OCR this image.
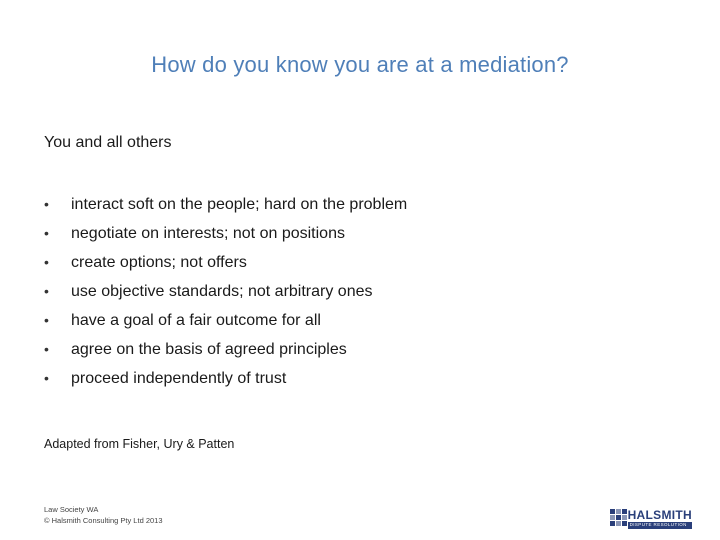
How do you know you are at a mediation?
You and all others
•	interact soft on the people; hard on the problem
•	negotiate on interests; not on positions
•	create options; not offers
•	use objective standards; not arbitrary ones
•	have a goal of a fair outcome for all
•	agree on the basis of agreed principles
•	proceed independently of trust
Adapted from Fisher, Ury & Patten
Law Society WA
© Halsmith Consulting Pty Ltd 2013	HALSMITH
DISPUTE RESOLUTION
